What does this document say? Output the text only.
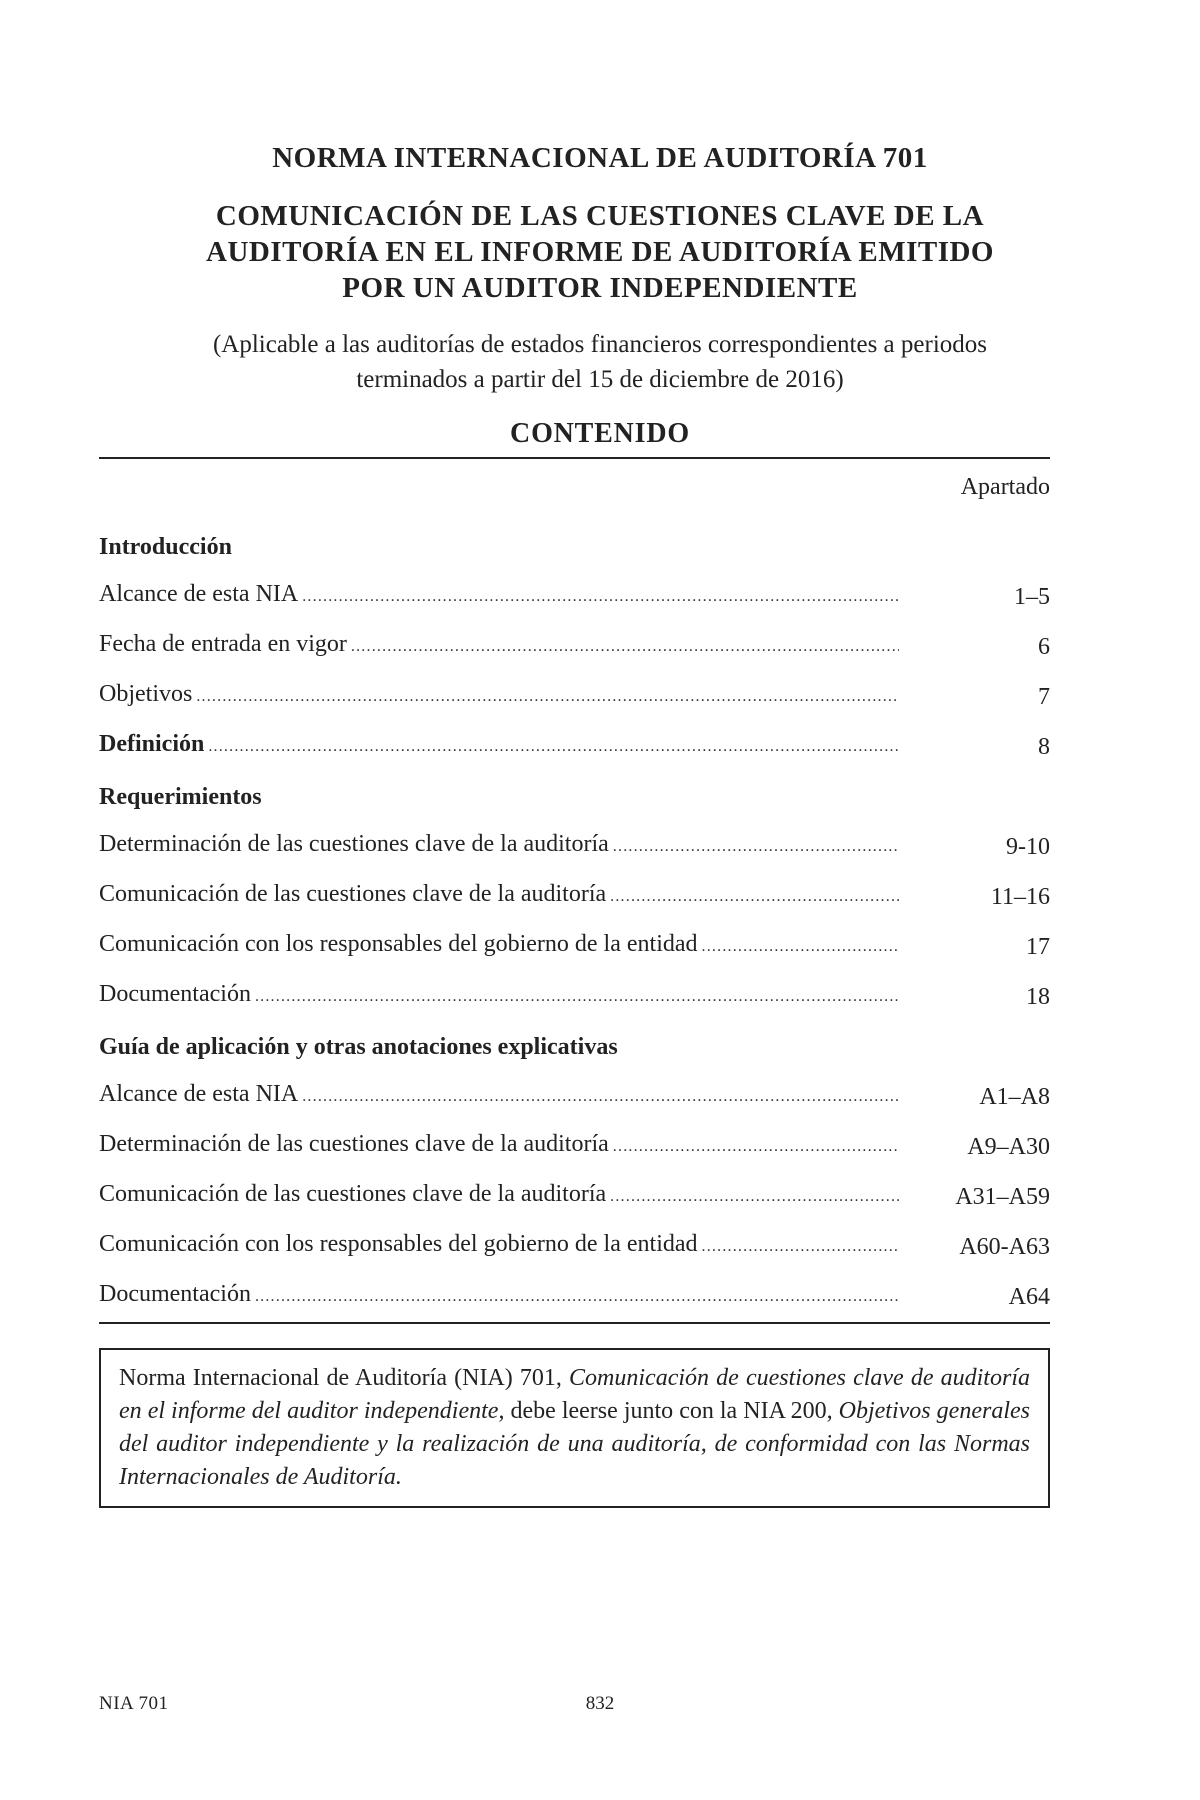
NORMA INTERNACIONAL DE AUDITORÍA 701
COMUNICACIÓN DE LAS CUESTIONES CLAVE DE LA
AUDITORÍA EN EL INFORME DE AUDITORÍA EMITIDO
POR UN AUDITOR INDEPENDIENTE
(Aplicable a las auditorías de estados financieros correspondientes a periodos
terminados a partir del 15 de diciembre de 2016)
CONTENIDO
Apartado
Introducción
Alcance de esta NIA .....	1–5
Fecha de entrada en vigor .....	6
Objetivos .....	7
Definición .....	8
Requerimientos
Determinación de las cuestiones clave de la auditoría .....	9-10
Comunicación de las cuestiones clave de la auditoría .....	11–16
Comunicación con los responsables del gobierno de la entidad .....	17
Documentación .....	18
Guía de aplicación y otras anotaciones explicativas
Alcance de esta NIA .....	A1–A8
Determinación de las cuestiones clave de la auditoría .....	A9–A30
Comunicación de las cuestiones clave de la auditoría .....	A31–A59
Comunicación con los responsables del gobierno de la entidad .....	A60-A63
Documentación .....	A64
Norma Internacional de Auditoría (NIA) 701, Comunicación de cuestiones clave de auditoría en el informe del auditor independiente, debe leerse junto con la NIA 200, Objetivos generales del auditor independiente y la realización de una auditoría, de conformidad con las Normas Internacionales de Auditoría.
NIA 701	832
